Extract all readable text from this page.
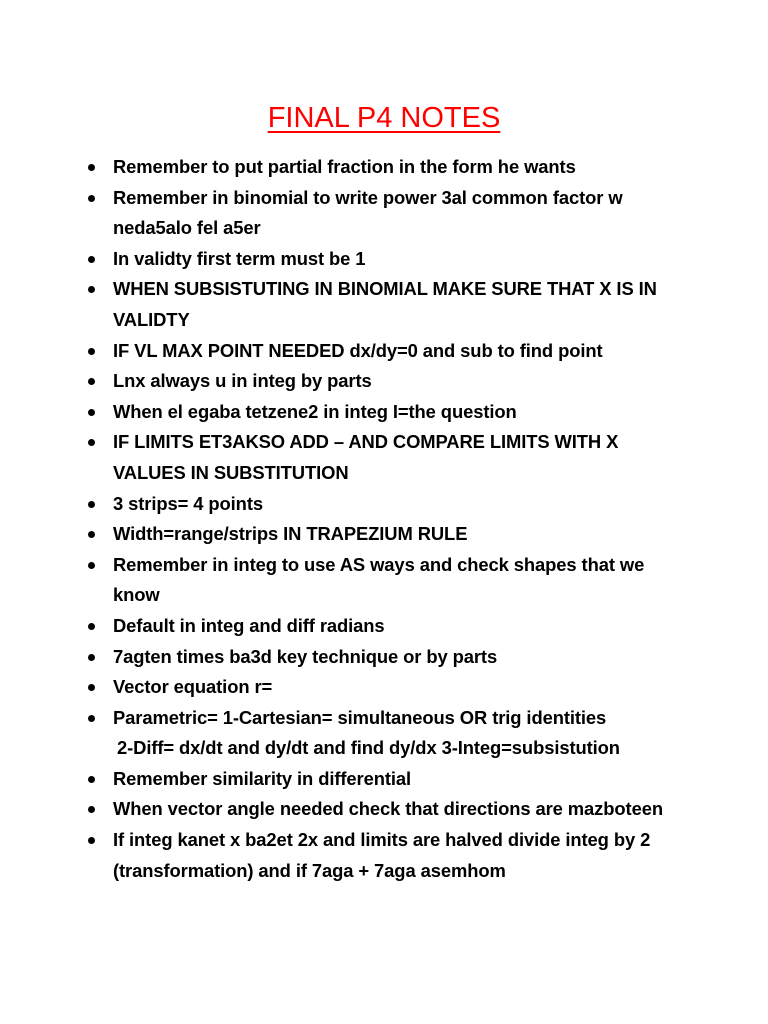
FINAL P4 NOTES
Remember to put partial fraction in the form he wants
Remember in binomial to write power 3al common factor w neda5alo fel a5er
In validty first term must be 1
WHEN SUBSISTUTING IN BINOMIAL MAKE SURE THAT X IS IN VALIDTY
IF VL MAX POINT NEEDED dx/dy=0 and sub to find point
Lnx always u in integ by parts
When el egaba tetzene2 in integ I=the question
IF LIMITS ET3AKSO ADD – AND COMPARE LIMITS WITH X VALUES IN SUBSTITUTION
3 strips= 4 points
Width=range/strips IN TRAPEZIUM RULE
Remember in integ to use AS ways and check shapes that we know
Default in integ and diff radians
7agten times ba3d key technique or by parts
Vector equation r=
Parametric= 1-Cartesian= simultaneous OR trig identities
2-Diff= dx/dt and dy/dt and find dy/dx 3-Integ=subsistution
Remember similarity in differential
When vector angle needed check that directions are mazboteen
If integ kanet x ba2et 2x and limits are halved divide integ by 2 (transformation) and if 7aga + 7aga asemhom
